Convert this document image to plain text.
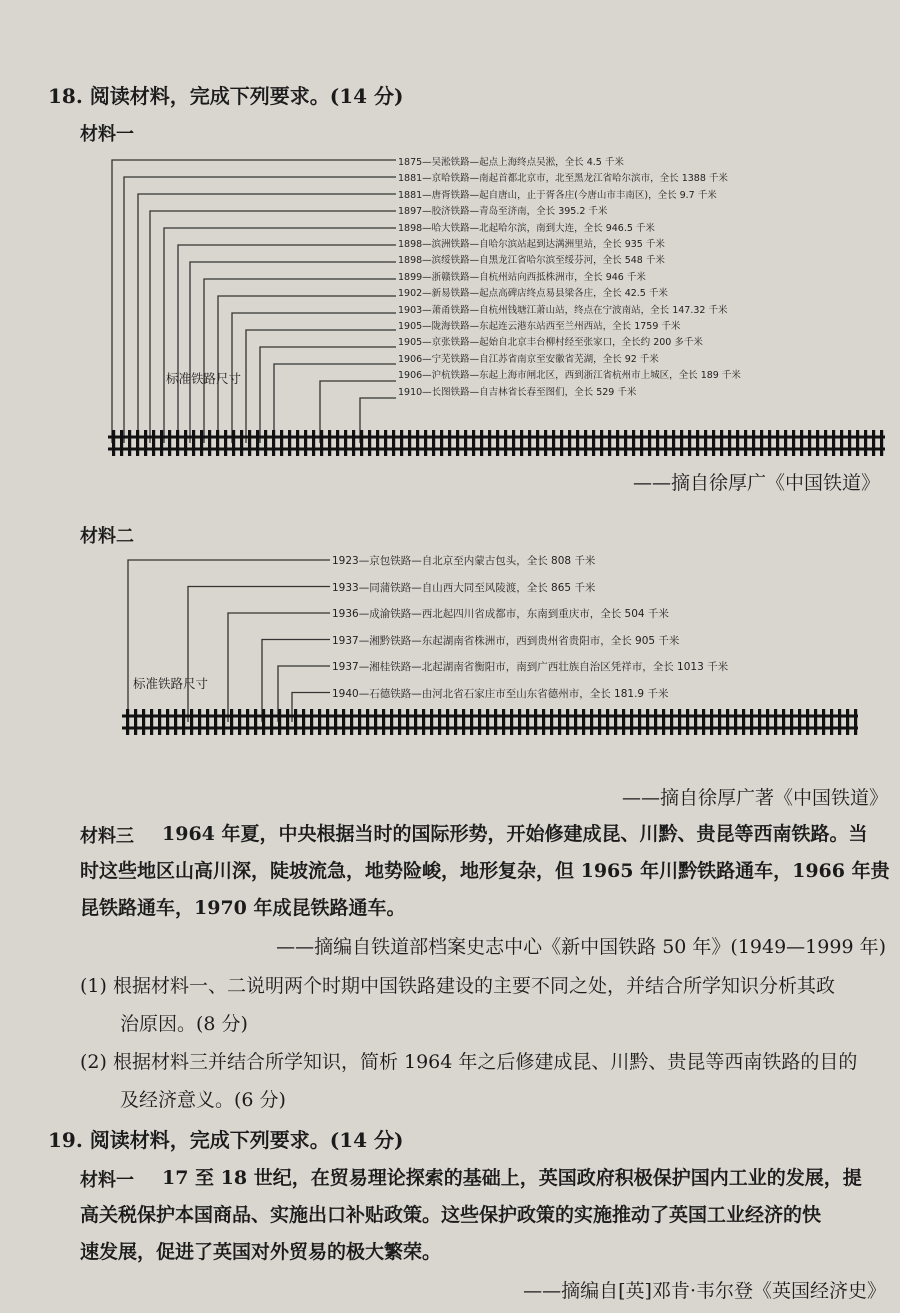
18. 阅读材料，完成下列要求。(14 分)
材料一
标准铁路尺寸
1875—吴淞铁路—起点上海终点吴淞，全长 4.5 千米
1881—京哈铁路—南起首都北京市，北至黑龙江省哈尔滨市，全长 1388 千米
1881—唐胥铁路—起自唐山，止于胥各庄(今唐山市丰南区)，全长 9.7 千米
1897—胶济铁路—青岛至济南，全长 395.2 千米
1898—哈大铁路—北起哈尔滨，南到大连，全长 946.5 千米
1898—滨洲铁路—自哈尔滨站起到达满洲里站，全长 935 千米
1898—滨绥铁路—自黑龙江省哈尔滨至绥芬河，全长 548 千米
1899—浙赣铁路—自杭州站向西抵株洲市，全长 946 千米
1902—新易铁路—起点高碑店终点易县梁各庄，全长 42.5 千米
1903—萧甬铁路—自杭州钱塘江萧山站，终点在宁波南站，全长 147.32 千米
1905—陇海铁路—东起连云港东站西至兰州西站，全长 1759 千米
1905—京张铁路—起始自北京丰台柳村经至张家口，全长约 200 多千米
1906—宁芜铁路—自江苏省南京至安徽省芜湖，全长 92 千米
1906—沪杭铁路—东起上海市闸北区，西到浙江省杭州市上城区，全长 189 千米
1910—长图铁路—自吉林省长春至图们，全长 529 千米
——摘自徐厚广《中国铁道》
材料二
标准铁路尺寸
1923—京包铁路—自北京至内蒙古包头，全长 808 千米
1933—同蒲铁路—自山西大同至风陵渡，全长 865 千米
1936—成渝铁路—西北起四川省成都市，东南到重庆市，全长 504 千米
1937—湘黔铁路—东起湖南省株洲市，西到贵州省贵阳市，全长 905 千米
1937—湘桂铁路—北起湖南省衡阳市，南到广西壮族自治区凭祥市，全长 1013 千米
1940—石德铁路—由河北省石家庄市至山东省德州市，全长 181.9 千米
——摘自徐厚广著《中国铁道》
材料三 1964 年夏，中央根据当时的国际形势，开始修建成昆、川黔、贵昆等西南铁路。当
时这些地区山高川深，陡坡流急，地势险峻，地形复杂，但 1965 年川黔铁路通车，1966 年贵
昆铁路通车，1970 年成昆铁路通车。
——摘编自铁道部档案史志中心《新中国铁路 50 年》(1949—1999 年)
(1) 根据材料一、二说明两个时期中国铁路建设的主要不同之处，并结合所学知识分析其政
治原因。(8 分)
(2) 根据材料三并结合所学知识，简析 1964 年之后修建成昆、川黔、贵昆等西南铁路的目的
及经济意义。(6 分)
19. 阅读材料，完成下列要求。(14 分)
材料一 17 至 18 世纪，在贸易理论探索的基础上，英国政府积极保护国内工业的发展，提
高关税保护本国商品、实施出口补贴政策。这些保护政策的实施推动了英国工业经济的快
速发展，促进了英国对外贸易的极大繁荣。
——摘编自[英]邓肯·韦尔登《英国经济史》
